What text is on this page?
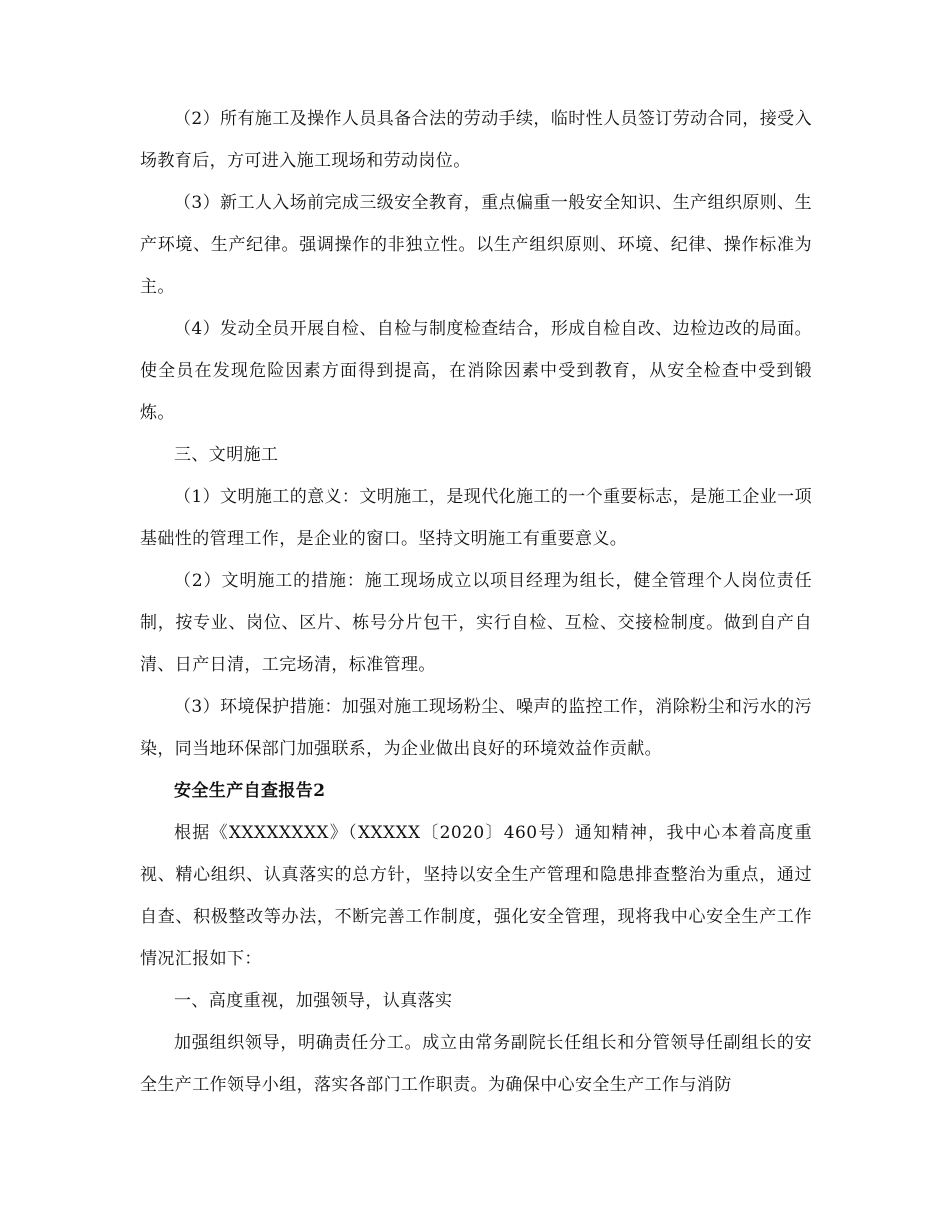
（2）所有施工及操作人员具备合法的劳动手续，临时性人员签订劳动合同，接受入场教育后，方可进入施工现场和劳动岗位。

（3）新工人入场前完成三级安全教育，重点偏重一般安全知识、生产组织原则、生产环境、生产纪律。强调操作的非独立性。以生产组织原则、环境、纪律、操作标准为主。

（4）发动全员开展自检、自检与制度检查结合，形成自检自改、边检边改的局面。使全员在发现危险因素方面得到提高，在消除因素中受到教育，从安全检查中受到锻炼。

三、文明施工

（1）文明施工的意义：文明施工，是现代化施工的一个重要标志，是施工企业一项基础性的管理工作，是企业的窗口。坚持文明施工有重要意义。

（2）文明施工的措施：施工现场成立以项目经理为组长，健全管理个人岗位责任制，按专业、岗位、区片、栋号分片包干，实行自检、互检、交接检制度。做到自产自清、日产日清，工完场清，标准管理。

（3）环境保护措施：加强对施工现场粉尘、噪声的监控工作，消除粉尘和污水的污染，同当地环保部门加强联系，为企业做出良好的环境效益作贡献。

安全生产自查报告2

根据《XXXXXXXX》（XXXXX〔2020〕460号）通知精神，我中心本着高度重视、精心组织、认真落实的总方针，坚持以安全生产管理和隐患排查整治为重点，通过自查、积极整改等办法，不断完善工作制度，强化安全管理，现将我中心安全生产工作情况汇报如下：

一、高度重视，加强领导，认真落实

加强组织领导，明确责任分工。成立由常务副院长任组长和分管领导任副组长的安全生产工作领导小组，落实各部门工作职责。为确保中心安全生产工作与消防
